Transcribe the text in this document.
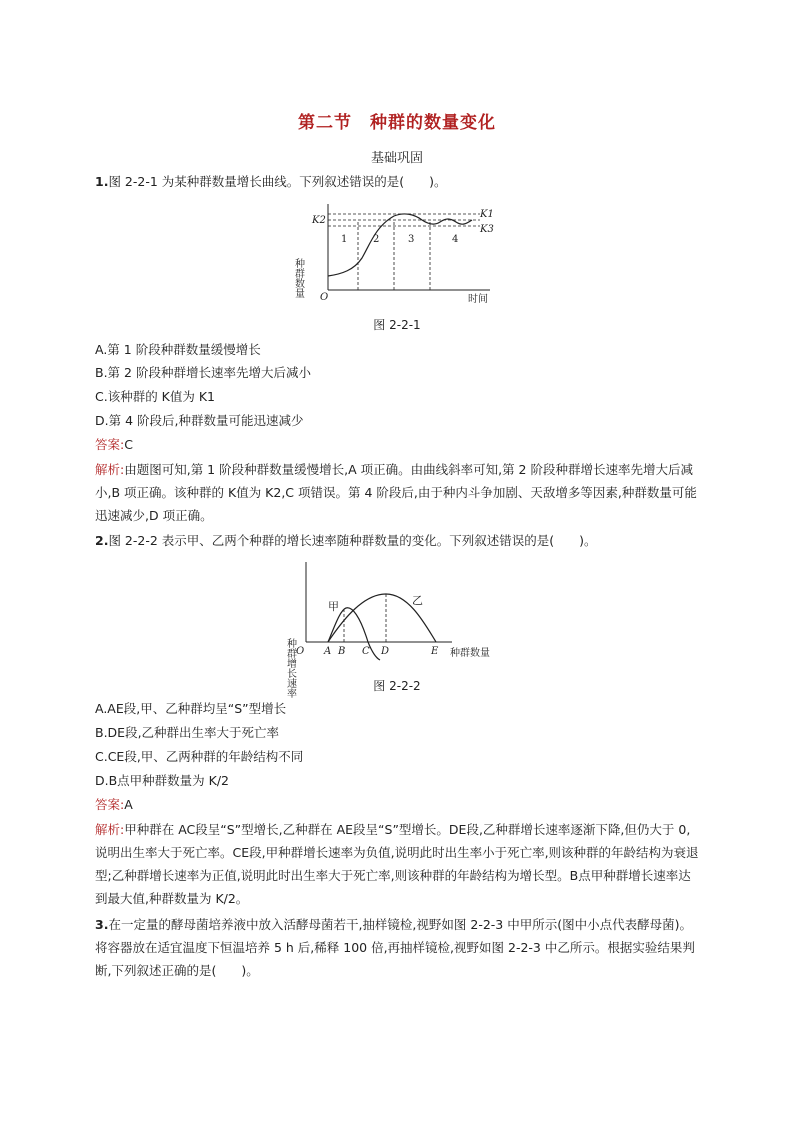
第二节　种群的数量变化
基础巩固
1.图 2-2-1 为某种群数量增长曲线。下列叙述错误的是(　　)。
种群数量
K2
K1
K3
1	2	3	4
O	时间
图 2-2-1
A.第 1 阶段种群数量缓慢增长
B.第 2 阶段种群增长速率先增大后减小
C.该种群的 K值为 K1
D.第 4 阶段后,种群数量可能迅速减少
答案:C
解析:由题图可知,第 1 阶段种群数量缓慢增长,A 项正确。由曲线斜率可知,第 2 阶段种群增长速率先增大后减小,B 项正确。该种群的 K值为 K2,C 项错误。第 4 阶段后,由于种内斗争加剧、天敌增多等因素,种群数量可能迅速减少,D 项正确。
2.图 2-2-2 表示甲、乙两个种群的增长速率随种群数量的变化。下列叙述错误的是(　　)。
种群增长速率
甲	乙
O A B C D	E 种群数量
图 2-2-2
A.AE段,甲、乙种群均呈“S”型增长
B.DE段,乙种群出生率大于死亡率
C.CE段,甲、乙两种群的年龄结构不同
D.B点甲种群数量为 K/2
答案:A
解析:甲种群在 AC段呈“S”型增长,乙种群在 AE段呈“S”型增长。DE段,乙种群增长速率逐渐下降,但仍大于 0,说明出生率大于死亡率。CE段,甲种群增长速率为负值,说明此时出生率小于死亡率,则该种群的年龄结构为衰退型;乙种群增长速率为正值,说明此时出生率大于死亡率,则该种群的年龄结构为增长型。B点甲种群增长速率达到最大值,种群数量为 K/2。
3.在一定量的酵母菌培养液中放入活酵母菌若干,抽样镜检,视野如图 2-2-3 中甲所示(图中小点代表酵母菌)。将容器放在适宜温度下恒温培养 5 h 后,稀释 100 倍,再抽样镜检,视野如图 2-2-3 中乙所示。根据实验结果判断,下列叙述正确的是(　　)。
